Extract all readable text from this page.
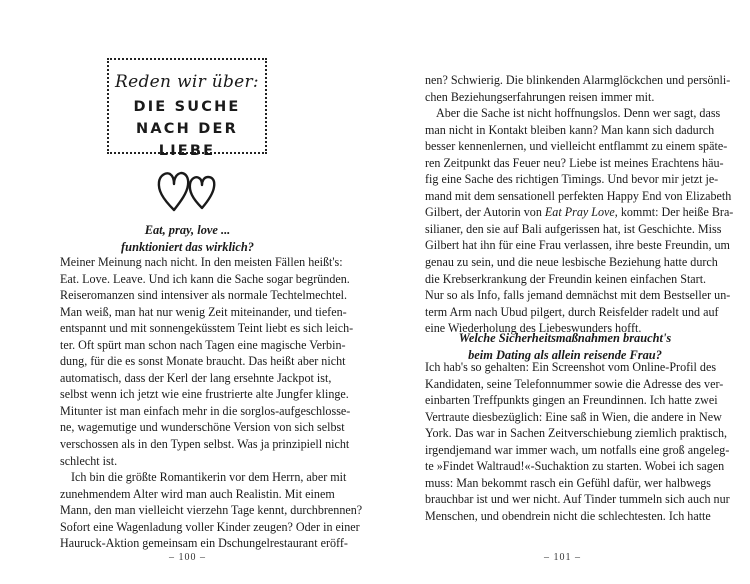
Reden wir über:
DIE SUCHE
NACH DER LIEBE
Eat, pray, love ...
funktioniert das wirklich?
Meiner Meinung nach nicht. In den meisten Fällen heißt's:
Eat. Love. Leave. Und ich kann die Sache sogar begründen.
Reiseromanzen sind intensiver als normale Techtelmechtel.
Man weiß, man hat nur wenig Zeit miteinander, und tiefen-
entspannt und mit sonnengeküsstem Teint liebt es sich leich-
ter. Oft spürt man schon nach Tagen eine magische Verbin-
dung, für die es sonst Monate braucht. Das heißt aber nicht
automatisch, dass der Kerl der lang ersehnte Jackpot ist,
selbst wenn ich jetzt wie eine frustrierte alte Jungfer klinge.
Mitunter ist man einfach mehr in die sorglos-aufgeschlosse-
ne, wagemutige und wunderschöne Version von sich selbst
verschossen als in den Typen selbst. Was ja prinzipiell nicht
schlecht ist.
Ich bin die größte Romantikerin vor dem Herrn, aber mit
zunehmendem Alter wird man auch Realistin. Mit einem
Mann, den man vielleicht vierzehn Tage kennt, durchbrennen?
Sofort eine Wagenladung voller Kinder zeugen? Oder in einer
Hauruck-Aktion gemeinsam ein Dschungelrestaurant eröff-
– 100 –
nen? Schwierig. Die blinkenden Alarmglöckchen und persönli-
chen Beziehungserfahrungen reisen immer mit.
Aber die Sache ist nicht hoffnungslos. Denn wer sagt, dass
man nicht in Kontakt bleiben kann? Man kann sich dadurch
besser kennenlernen, und vielleicht entflammt zu einem späte-
ren Zeitpunkt das Feuer neu? Liebe ist meines Erachtens häu-
fig eine Sache des richtigen Timings. Und bevor mir jetzt je-
mand mit dem sensationell perfekten Happy End von Elizabeth
Gilbert, der Autorin von Eat Pray Love, kommt: Der heiße Bra-
silianer, den sie auf Bali aufgerissen hat, ist Geschichte. Miss
Gilbert hat ihn für eine Frau verlassen, ihre beste Freundin, um
genau zu sein, und die neue lesbische Beziehung hatte durch
die Krebserkrankung der Freundin keinen einfachen Start.
Nur so als Info, falls jemand demnächst mit dem Bestseller un-
term Arm nach Ubud pilgert, durch Reisfelder radelt und auf
eine Wiederholung des Liebeswunders hofft.
Welche Sicherheitsmaßnahmen braucht's
beim Dating als allein reisende Frau?
Ich hab's so gehalten: Ein Screenshot vom Online-Profil des
Kandidaten, seine Telefonnummer sowie die Adresse des ver-
einbarten Treffpunkts gingen an Freundinnen. Ich hatte zwei
Vertraute diesbezüglich: Eine saß in Wien, die andere in New
York. Das war in Sachen Zeitverschiebung ziemlich praktisch,
irgendjemand war immer wach, um notfalls eine groß angeleg-
te »Findet Waltraud!«-Suchaktion zu starten. Wobei ich sagen
muss: Man bekommt rasch ein Gefühl dafür, wer halbwegs
brauchbar ist und wer nicht. Auf Tinder tummeln sich auch nur
Menschen, und obendrein nicht die schlechtesten. Ich hatte
– 101 –
